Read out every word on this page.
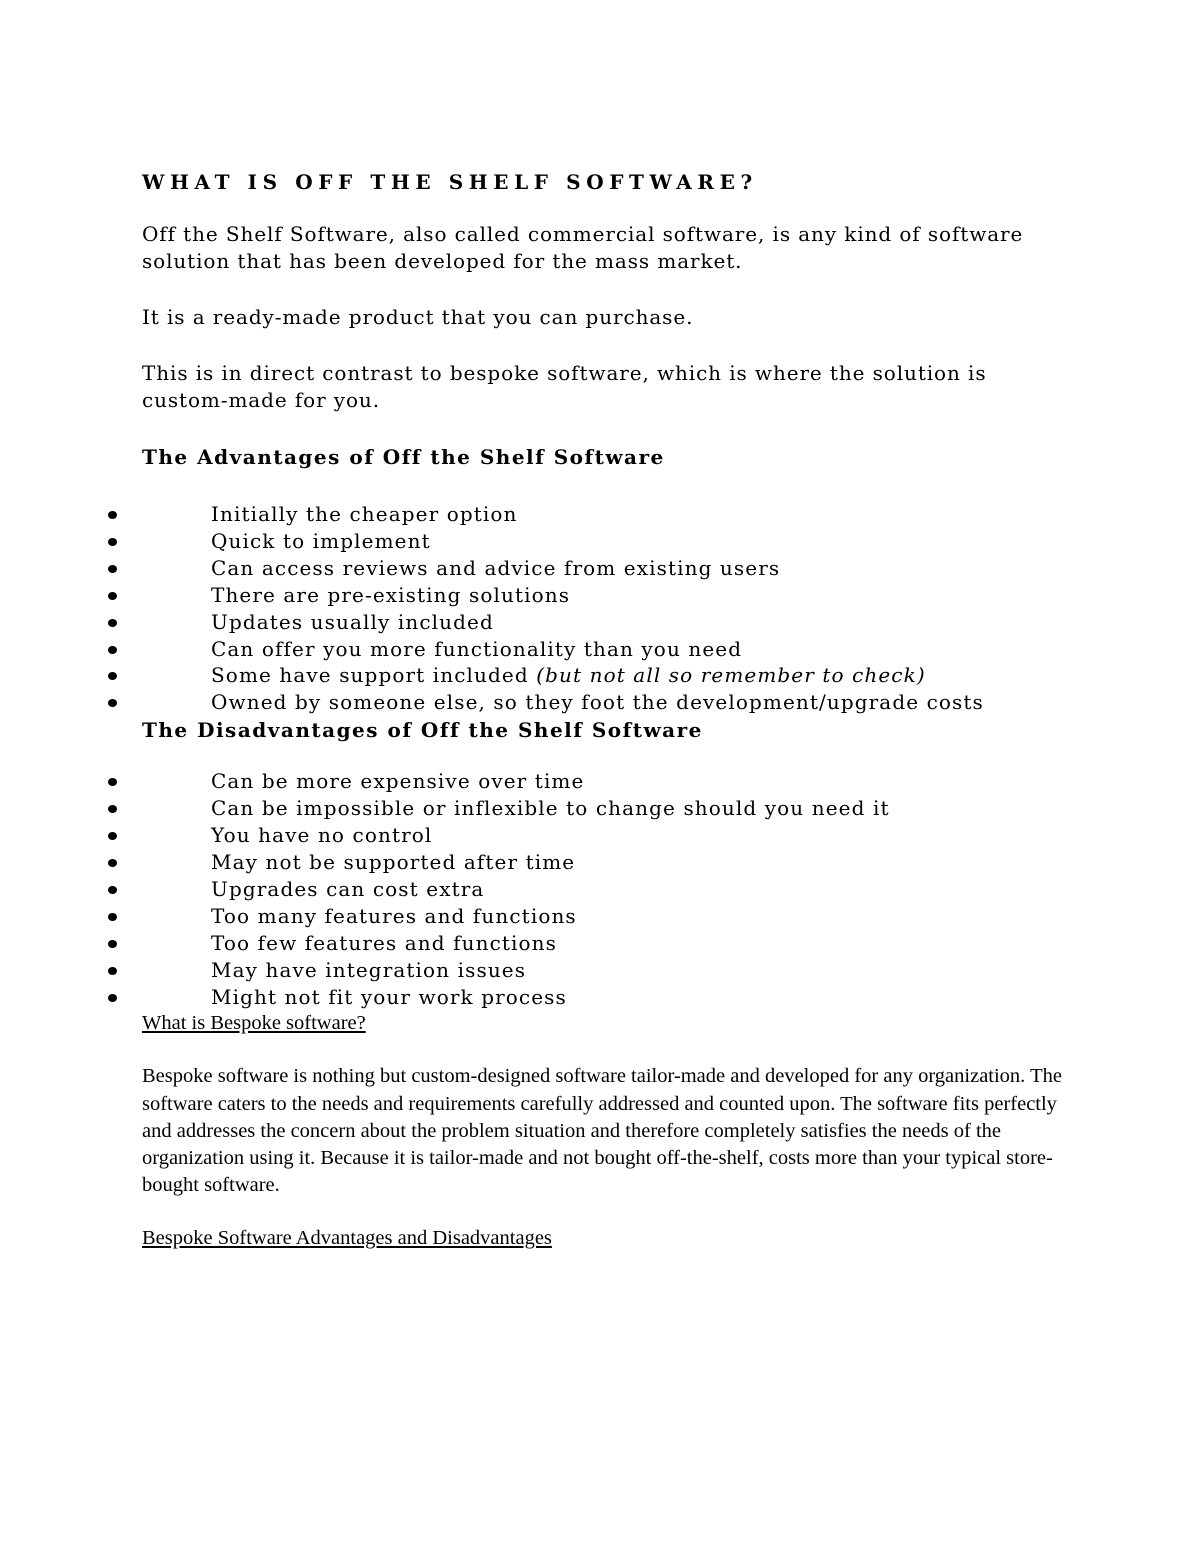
WHAT IS OFF THE SHELF SOFTWARE?

Off the Shelf Software, also called commercial software, is any kind of software solution that has been developed for the mass market.

It is a ready-made product that you can purchase.

This is in direct contrast to bespoke software, which is where the solution is custom-made for you.

The Advantages of Off the Shelf Software
Initially the cheaper option
Quick to implement
Can access reviews and advice from existing users
There are pre-existing solutions
Updates usually included
Can offer you more functionality than you need
Some have support included (but not all so remember to check)
Owned by someone else, so they foot the development/upgrade costs
The Disadvantages of Off the Shelf Software
Can be more expensive over time
Can be impossible or inflexible to change should you need it
You have no control
May not be supported after time
Upgrades can cost extra
Too many features and functions
Too few features and functions
May have integration issues
Might not fit your work process
What is Bespoke software?

Bespoke software is nothing but custom-designed software tailor-made and developed for any organization. The software caters to the needs and requirements carefully addressed and counted upon. The software fits perfectly and addresses the concern about the problem situation and therefore completely satisfies the needs of the organization using it. Because it is tailor-made and not bought off-the-shelf, costs more than your typical store-bought software.

Bespoke Software Advantages and Disadvantages
